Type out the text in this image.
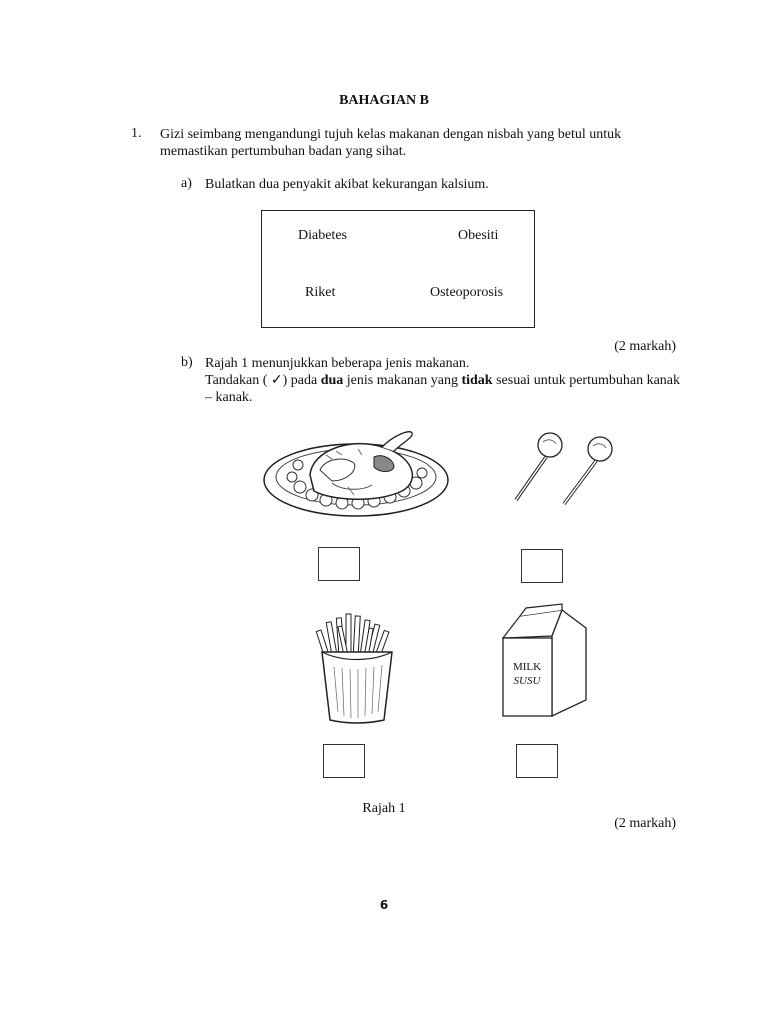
BAHAGIAN B
1. Gizi seimbang mengandungi tujuh kelas makanan dengan nisbah yang betul untuk
memastikan pertumbuhan badan yang sihat.
a) Bulatkan dua penyakit akibat kekurangan kalsium.
Diabetes	Obesiti
Riket	Osteoporosis
(2 markah)
b) Rajah 1 menunjukkan beberapa jenis makanan.
Tandakan ( ✓) pada dua jenis makanan yang tidak sesuai untuk pertumbuhan kanak
– kanak.
MILK
SUSU
Rajah 1
(2 markah)
6
